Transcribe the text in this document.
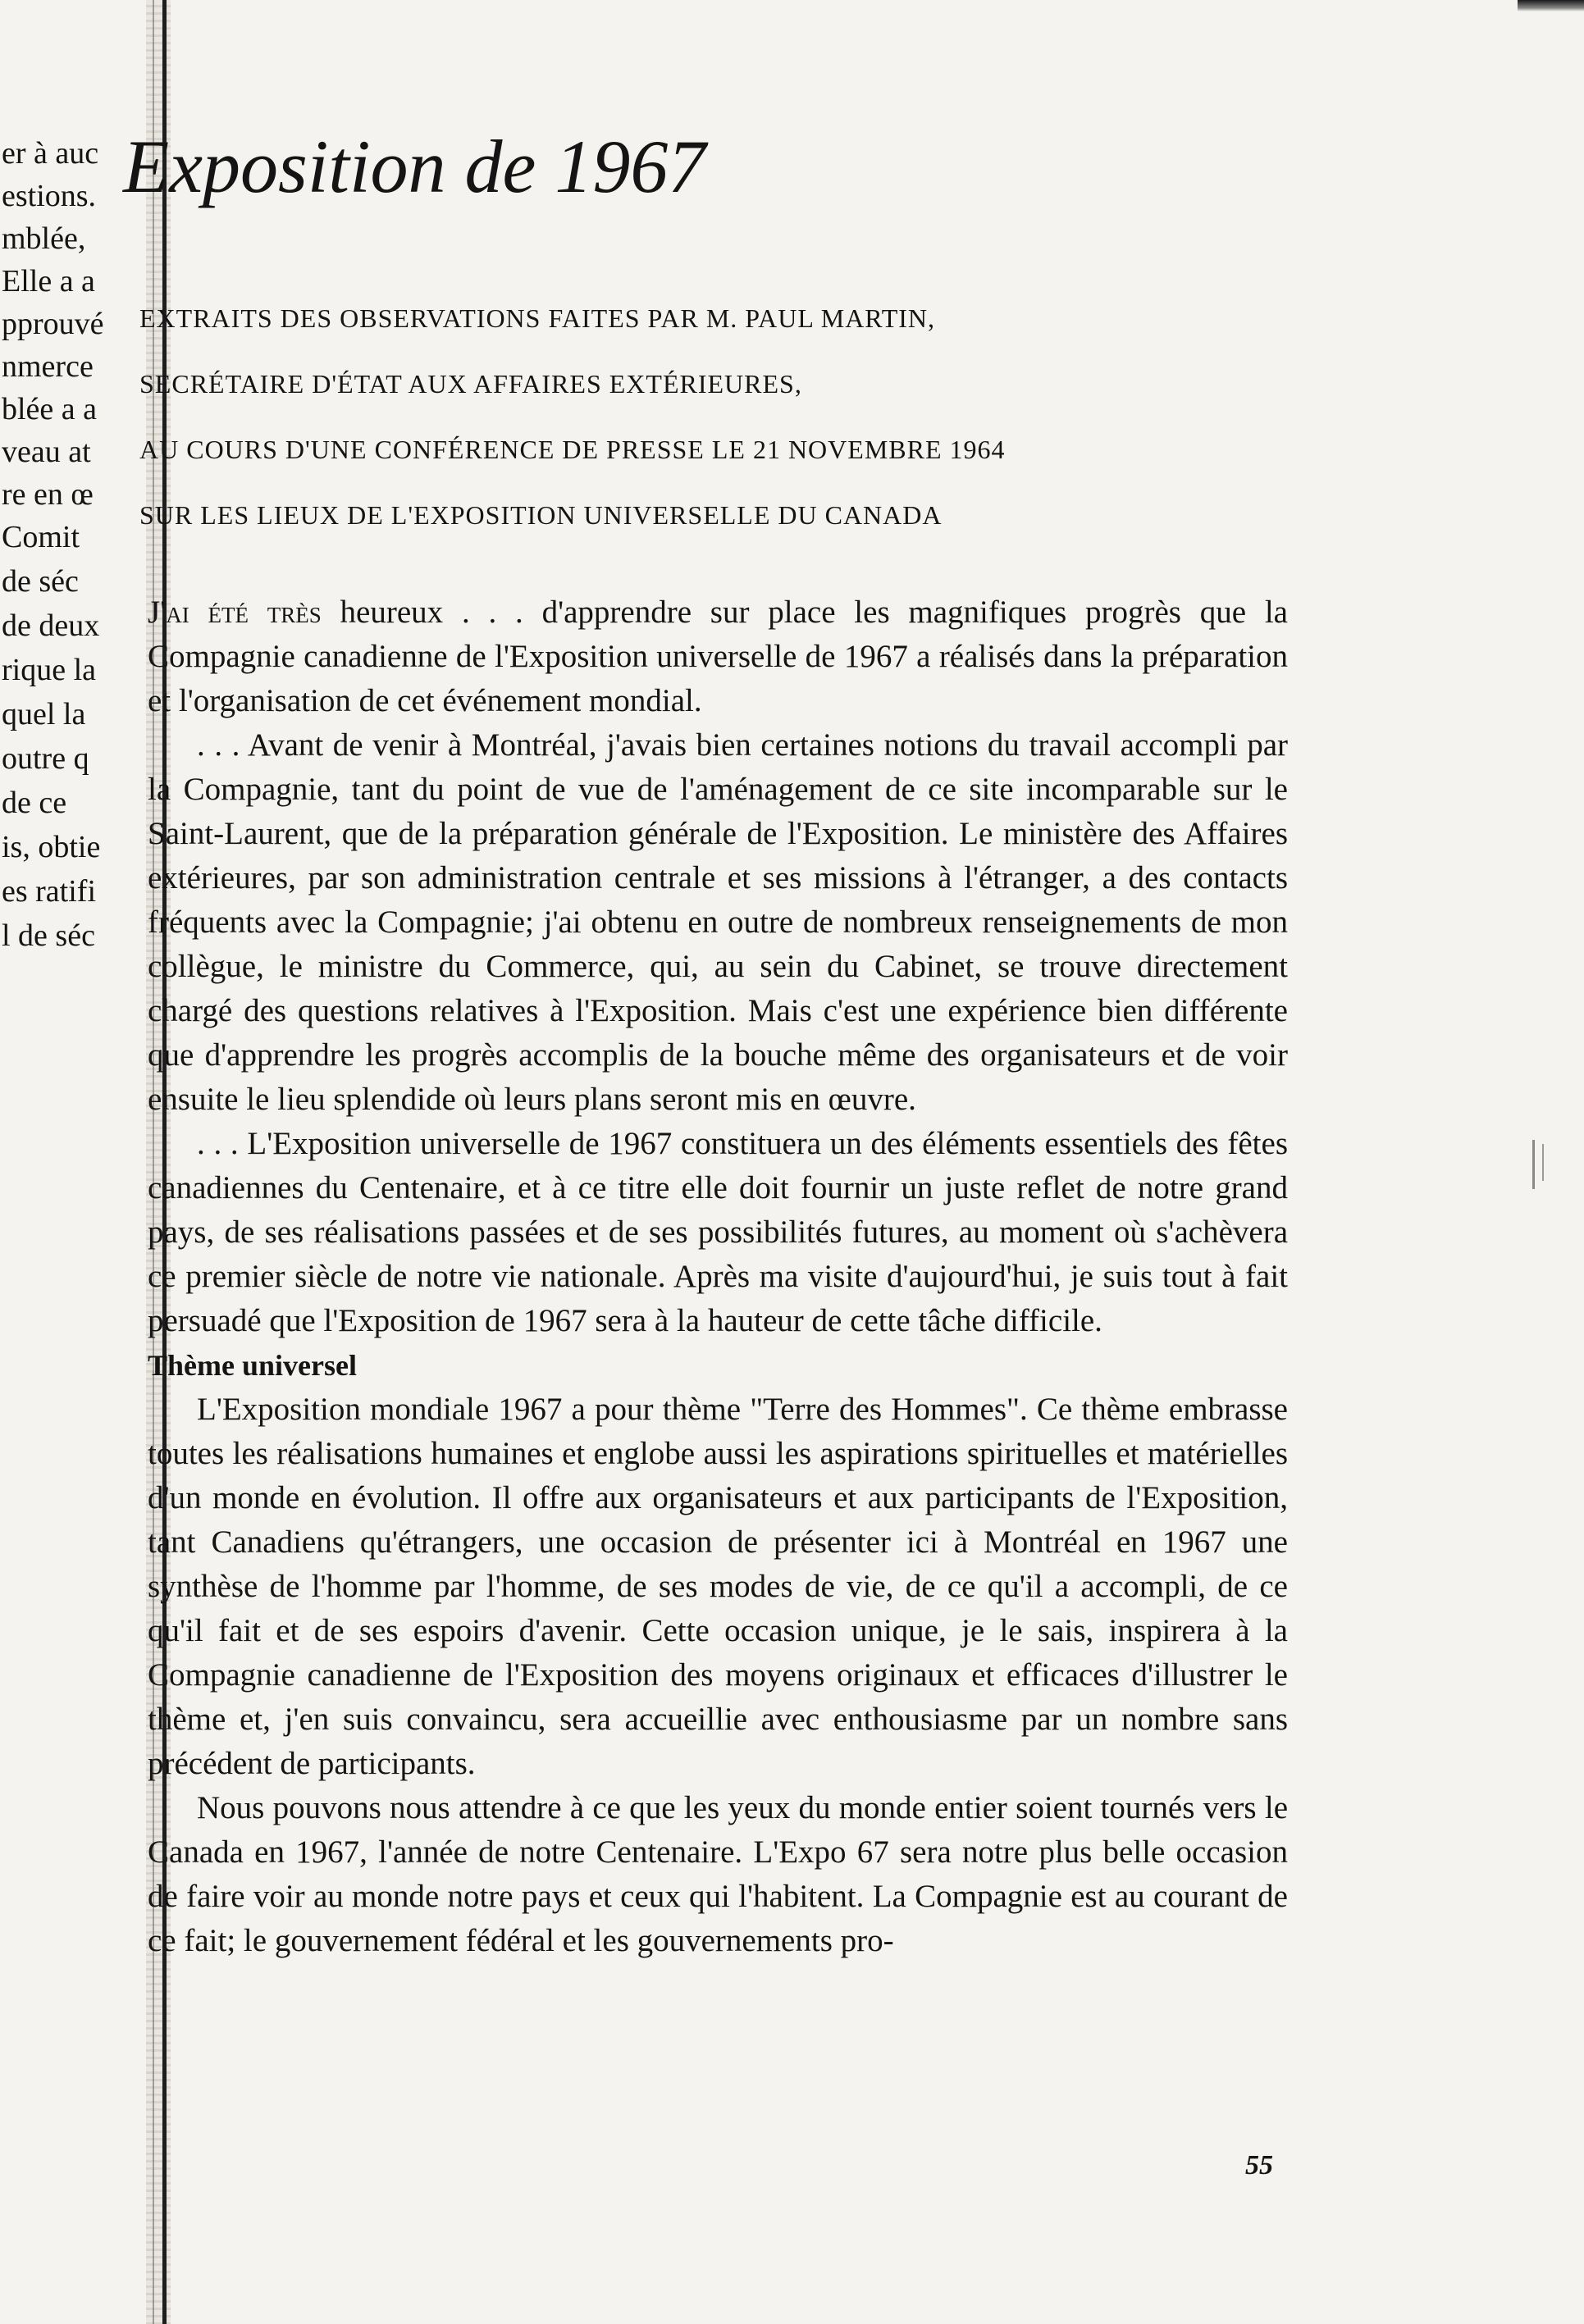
er à auc
estions.
mblée,
Elle a a
pprouvé
nmerce
blée a a
veau at
re en œ
Comit
de séc
de deux
rique la
quel la
outre q
de ce
is, obtie
es ratifi
l de séc
Exposition de 1967
EXTRAITS DES OBSERVATIONS FAITES PAR M. PAUL MARTIN,
SECRÉTAIRE D'ÉTAT AUX AFFAIRES EXTÉRIEURES,
AU COURS D'UNE CONFÉRENCE DE PRESSE LE 21 NOVEMBRE 1964
SUR LES LIEUX DE L'EXPOSITION UNIVERSELLE DU CANADA

J'ai été très heureux . . . d'apprendre sur place les magnifiques progrès que la Compagnie canadienne de l'Exposition universelle de 1967 a réalisés dans la préparation et l'organisation de cet événement mondial.

. . . Avant de venir à Montréal, j'avais bien certaines notions du travail accompli par la Compagnie, tant du point de vue de l'aménagement de ce site incomparable sur le Saint-Laurent, que de la préparation générale de l'Exposition. Le ministère des Affaires extérieures, par son administration centrale et ses missions à l'étranger, a des contacts fréquents avec la Compagnie; j'ai obtenu en outre de nombreux renseignements de mon collègue, le ministre du Commerce, qui, au sein du Cabinet, se trouve directement chargé des questions relatives à l'Exposition. Mais c'est une expérience bien différente que d'apprendre les progrès accomplis de la bouche même des organisateurs et de voir ensuite le lieu splendide où leurs plans seront mis en œuvre.

. . . L'Exposition universelle de 1967 constituera un des éléments essentiels des fêtes canadiennes du Centenaire, et à ce titre elle doit fournir un juste reflet de notre grand pays, de ses réalisations passées et de ses possibilités futures, au moment où s'achèvera ce premier siècle de notre vie nationale. Après ma visite d'aujourd'hui, je suis tout à fait persuadé que l'Exposition de 1967 sera à la hauteur de cette tâche difficile.

Thème universel

L'Exposition mondiale 1967 a pour thème "Terre des Hommes". Ce thème embrasse toutes les réalisations humaines et englobe aussi les aspirations spirituelles et matérielles d'un monde en évolution. Il offre aux organisateurs et aux participants de l'Exposition, tant Canadiens qu'étrangers, une occasion de présenter ici à Montréal en 1967 une synthèse de l'homme par l'homme, de ses modes de vie, de ce qu'il a accompli, de ce qu'il fait et de ses espoirs d'avenir. Cette occasion unique, je le sais, inspirera à la Compagnie canadienne de l'Exposition des moyens originaux et efficaces d'illustrer le thème et, j'en suis convaincu, sera accueillie avec enthousiasme par un nombre sans précédent de participants.

Nous pouvons nous attendre à ce que les yeux du monde entier soient tournés vers le Canada en 1967, l'année de notre Centenaire. L'Expo 67 sera notre plus belle occasion de faire voir au monde notre pays et ceux qui l'habitent. La Compagnie est au courant de ce fait; le gouvernement fédéral et les gouvernements pro-

55
